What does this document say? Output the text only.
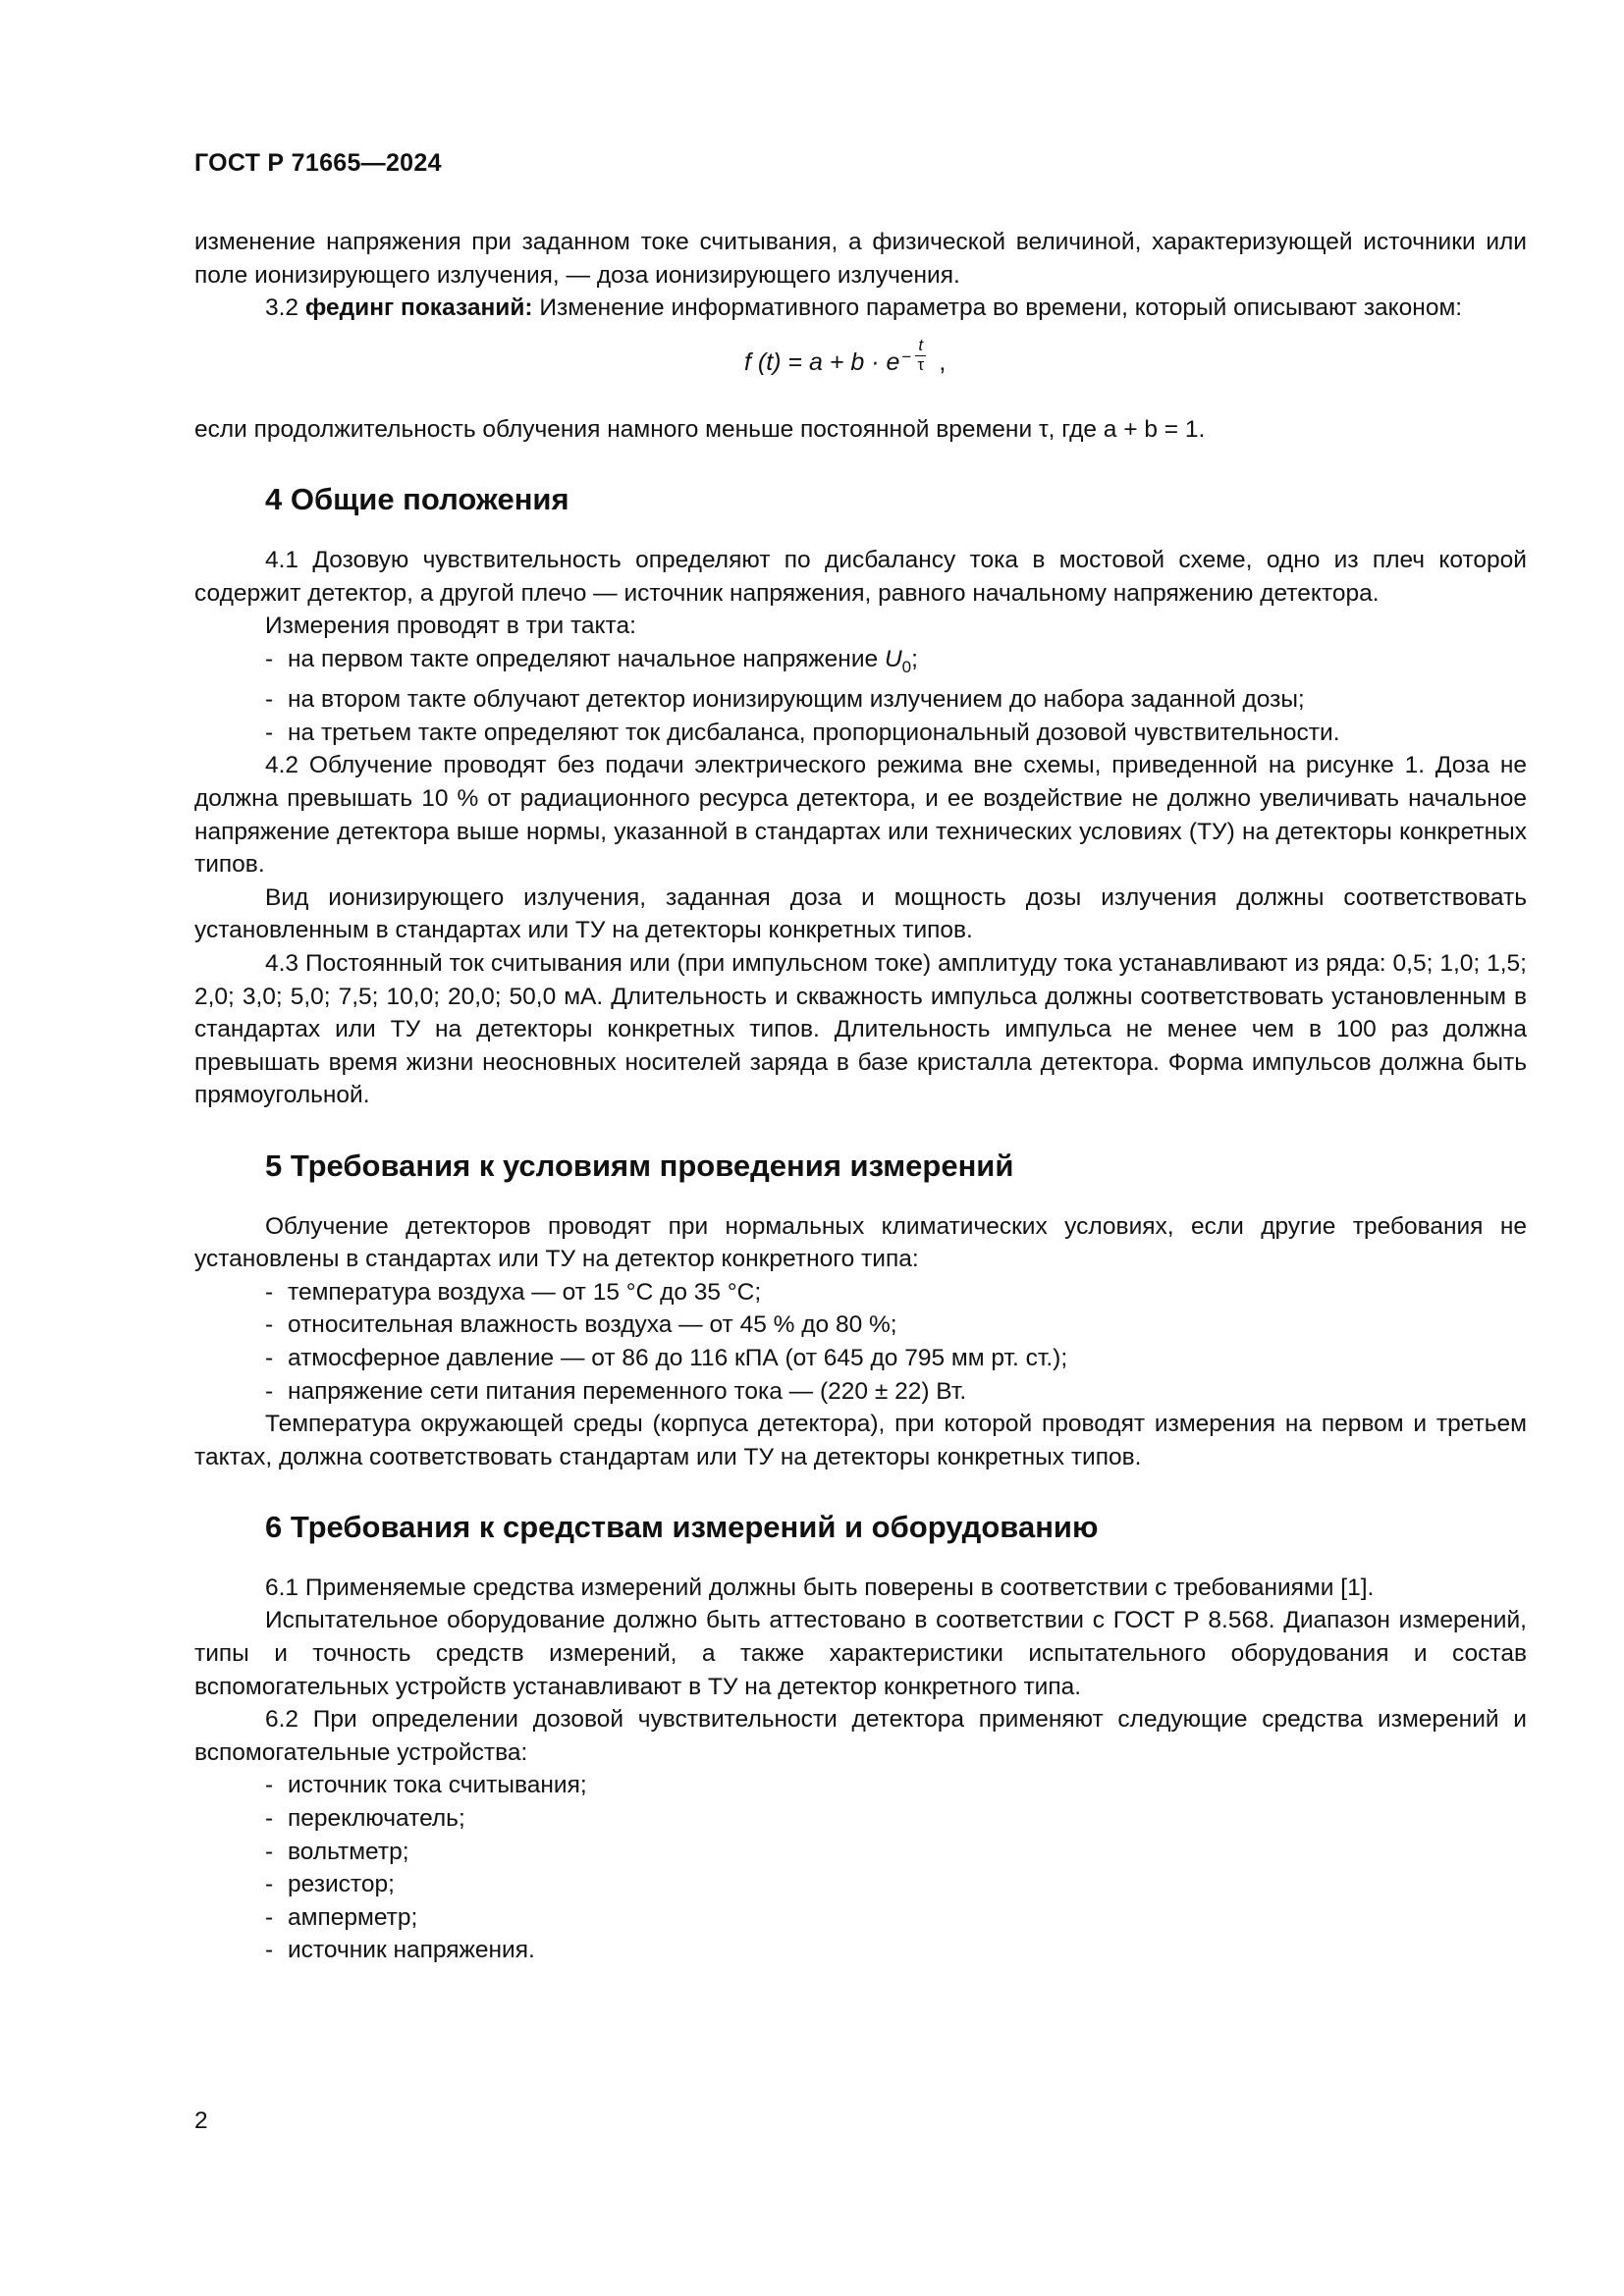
ГОСТ Р 71665—2024

изменение напряжения при заданном токе считывания, а физической величиной, характеризующей источники или поле ионизирующего излучения, — доза ионизирующего излучения.

3.2 фединг показаний: Изменение информативного параметра во времени, который описывают законом:

f (t) = a + b · e −
t
τ ,

если продолжительность облучения намного меньше постоянной времени τ, где a + b = 1.

4 Общие положения

4.1 Дозовую чувствительность определяют по дисбалансу тока в мостовой схеме, одно из плеч которой содержит детектор, а другой плечо — источник напряжения, равного начальному напряжению детектора.

Измерения проводят в три такта:

- на первом такте определяют начальное напряжение $U_0$;
- на втором такте облучают детектор ионизирующим излучением до набора заданной дозы;
- на третьем такте определяют ток дисбаланса, пропорциональный дозовой чувствительности.

4.2 Облучение проводят без подачи электрического режима вне схемы, приведенной на рисунке 1. Доза не должна превышать 10 % от радиационного ресурса детектора, и ее воздействие не должно увеличивать начальное напряжение детектора выше нормы, указанной в стандартах или технических условиях (ТУ) на детекторы конкретных типов.

Вид ионизирующего излучения, заданная доза и мощность дозы излучения должны соответствовать установленным в стандартах или ТУ на детекторы конкретных типов.

4.3 Постоянный ток считывания или (при импульсном токе) амплитуду тока устанавливают из ряда: 0,5; 1,0; 1,5; 2,0; 3,0; 5,0; 7,5; 10,0; 20,0; 50,0 мА. Длительность и скважность импульса должны соответствовать установленным в стандартах или ТУ на детекторы конкретных типов. Длительность импульса не менее чем в 100 раз должна превышать время жизни неосновных носителей заряда в базе кристалла детектора. Форма импульсов должна быть прямоугольной.

5 Требования к условиям проведения измерений

Облучение детекторов проводят при нормальных климатических условиях, если другие требования не установлены в стандартах или ТУ на детектор конкретного типа:

- температура воздуха — от 15 °С до 35 °С;
- относительная влажность воздуха — от 45 % до 80 %;
- атмосферное давление — от 86 до 116 кПА (от 645 до 795 мм рт. ст.);
- напряжение сети питания переменного тока — (220 ± 22) Вт.

Температура окружающей среды (корпуса детектора), при которой проводят измерения на первом и третьем тактах, должна соответствовать стандартам или ТУ на детекторы конкретных типов.

6 Требования к средствам измерений и оборудованию

6.1 Применяемые средства измерений должны быть поверены в соответствии с требованиями [1].

Испытательное оборудование должно быть аттестовано в соответствии с ГОСТ Р 8.568. Диапазон измерений, типы и точность средств измерений, а также характеристики испытательного оборудования и состав вспомогательных устройств устанавливают в ТУ на детектор конкретного типа.

6.2 При определении дозовой чувствительности детектора применяют следующие средства измерений и вспомогательные устройства:

- источник тока считывания;
- переключатель;
- вольтметр;
- резистор;
- амперметр;
- источник напряжения.
2
